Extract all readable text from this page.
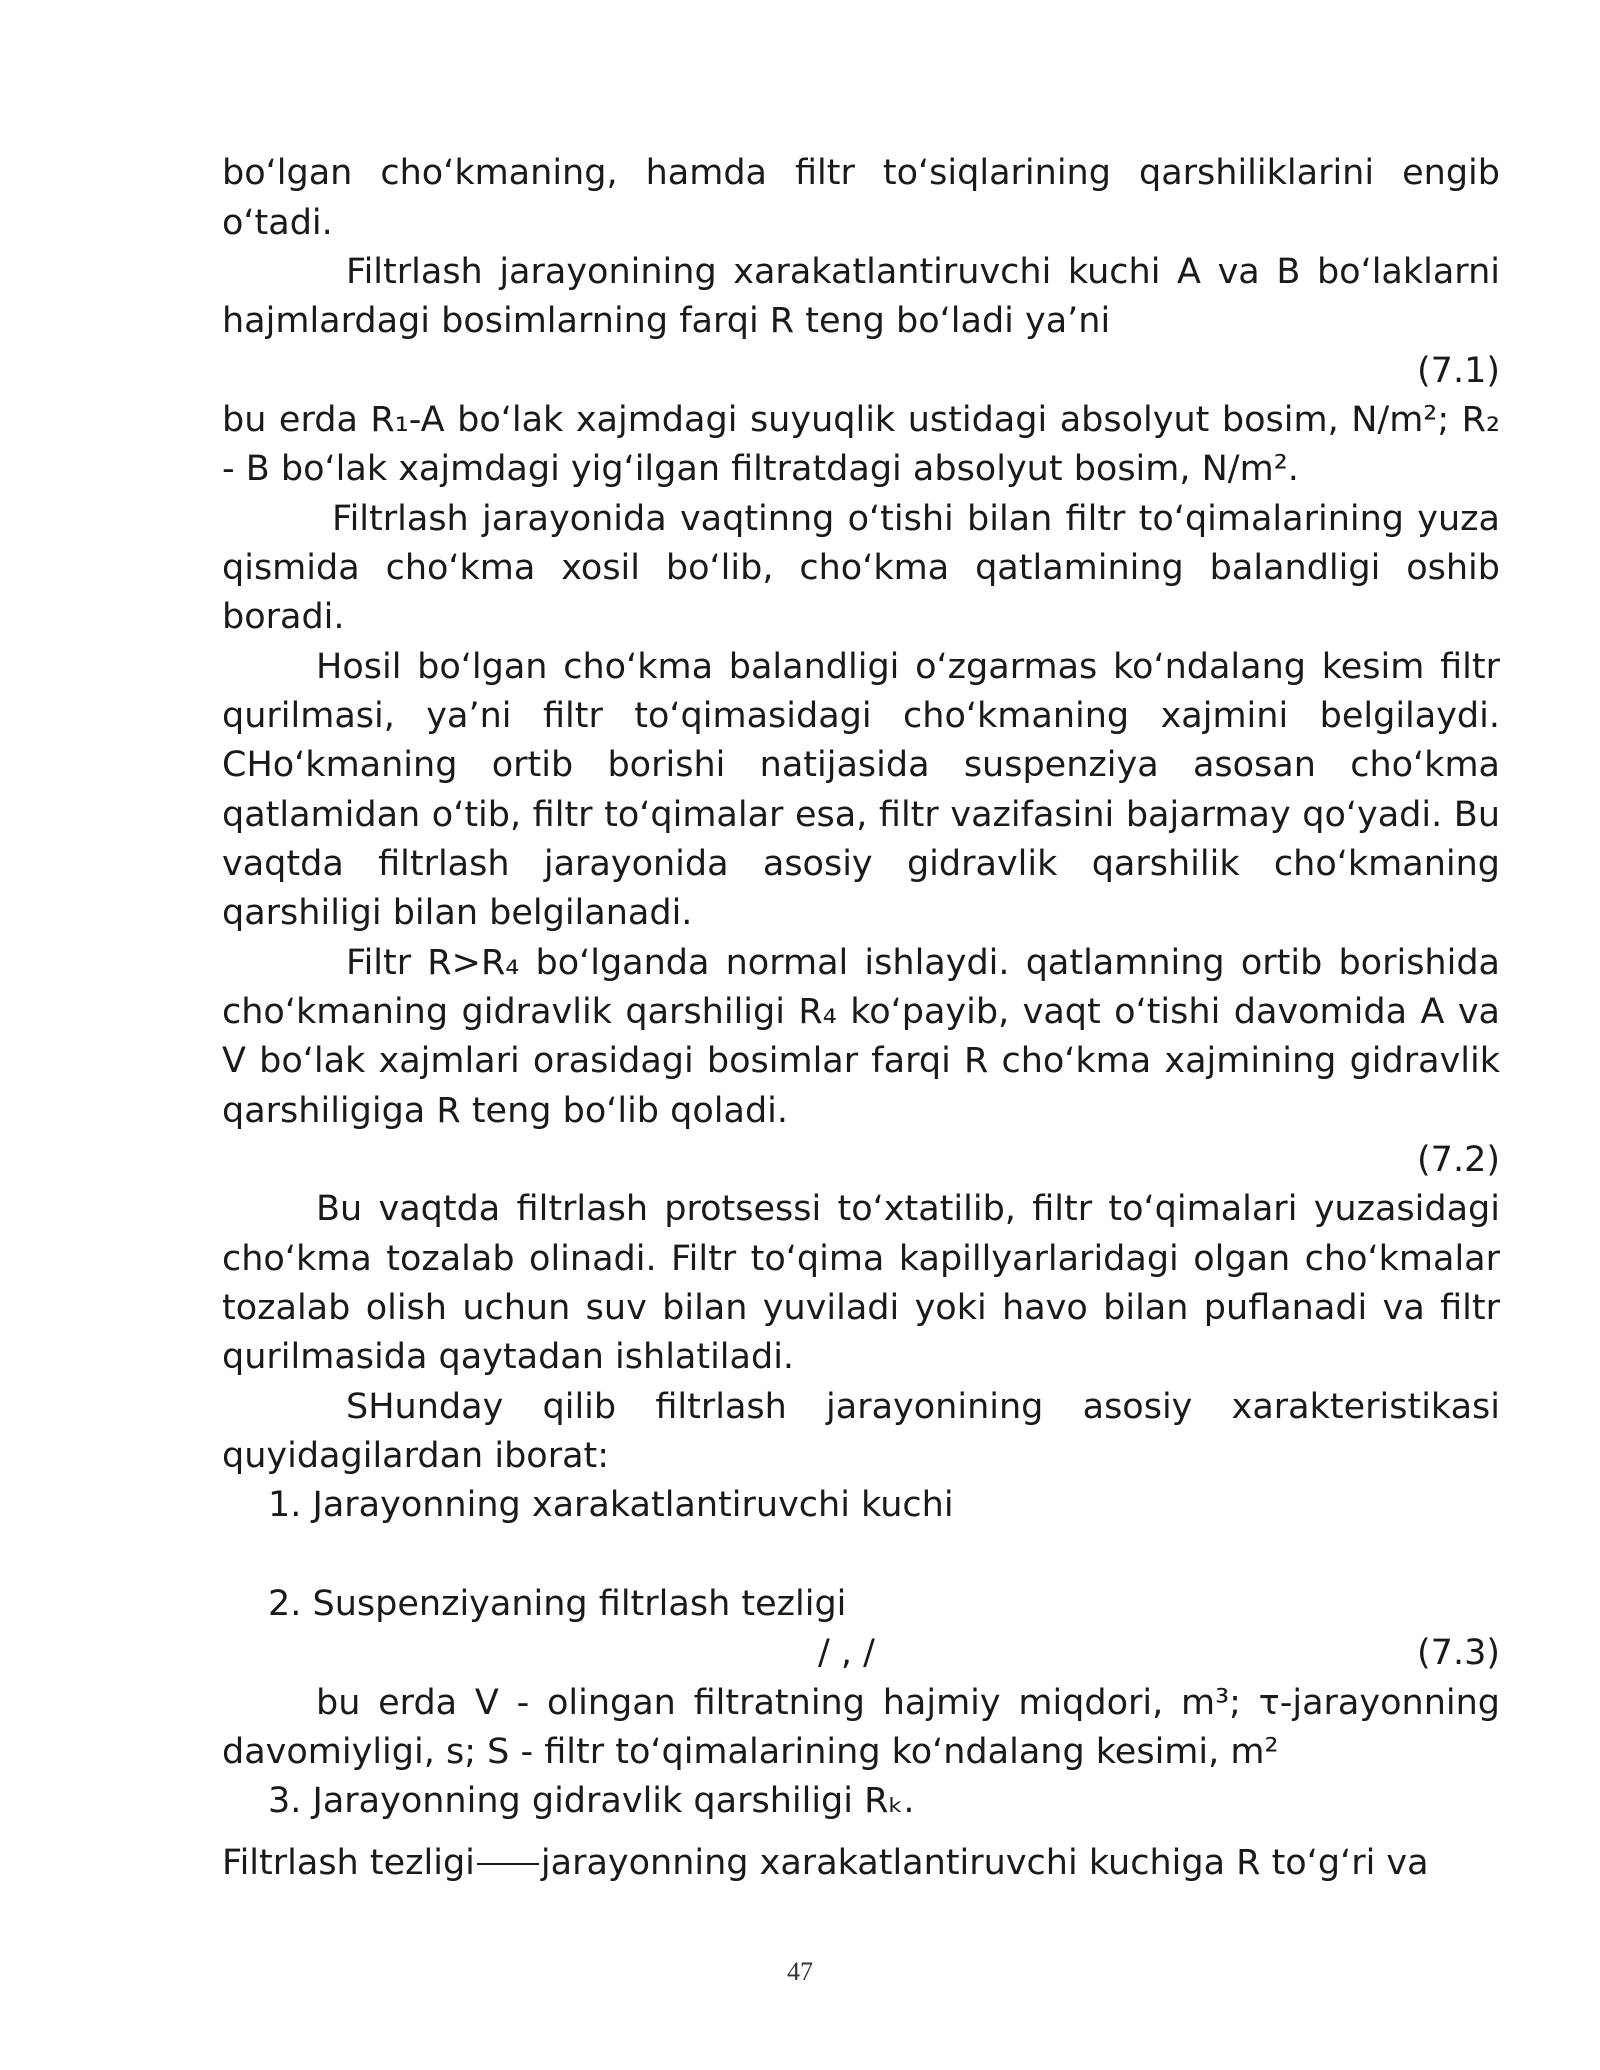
boʻlgan choʻkmaning, hamda filtr toʻsiqlarining qarshiliklarini engib
oʻtadi.
Filtrlash jarayonining xarakatlantiruvchi kuchi A va B boʻlaklarni
hajmlardagi bosimlarning farqi R teng boʻladi ya’ni
(7.1)
bu erda R₁-A boʻlak xajmdagi suyuqlik ustidagi absolyut bosim, N/m²; R₂
- B boʻlak xajmdagi yigʻilgan filtratdagi absolyut bosim, N/m².
Filtrlash jarayonida vaqtinng oʻtishi bilan filtr toʻqimalarining yuza
qismida choʻkma xosil boʻlib, choʻkma qatlamining balandligi oshib
boradi.
Hosil boʻlgan choʻkma balandligi oʻzgarmas koʻndalang kesim filtr
qurilmasi, ya’ni filtr toʻqimasidagi choʻkmaning xajmini belgilaydi.
CHoʻkmaning ortib borishi natijasida suspenziya asosan choʻkma
qatlamidan oʻtib, filtr toʻqimalar esa, filtr vazifasini bajarmay qoʻyadi. Bu
vaqtda filtrlash jarayonida asosiy gidravlik qarshilik choʻkmaning
qarshiligi bilan belgilanadi.
Filtr R>R₄ boʻlganda normal ishlaydi. qatlamning ortib borishida
choʻkmaning gidravlik qarshiligi R₄ koʻpayib, vaqt oʻtishi davomida A va
V boʻlak xajmlari orasidagi bosimlar farqi R choʻkma xajmining gidravlik
qarshiligiga R teng boʻlib qoladi.
(7.2)
Bu vaqtda filtrlash protsessi toʻxtatilib, filtr toʻqimalari yuzasidagi
choʻkma tozalab olinadi. Filtr toʻqima kapillyarlaridagi olgan choʻkmalar
tozalab olish uchun suv bilan yuviladi yoki havo bilan puflanadi va filtr
qurilmasida qaytadan ishlatiladi.
SHunday qilib filtrlash jarayonining asosiy xarakteristikasi
quyidagilardan iborat:
1. Jarayonning xarakatlantiruvchi kuchi
2. Suspenziyaning filtrlash tezligi
/ , /	(7.3)
bu erda V - olingan filtratning hajmiy miqdori, m³; τ-jarayonning
davomiyligi, s; S - filtr toʻqimalarining koʻndalang kesimi, m²
3. Jarayonning gidravlik qarshiligi Rₖ.
Filtrlash tezligi jarayonning xarakatlantiruvchi kuchiga R toʻgʻri va
47
